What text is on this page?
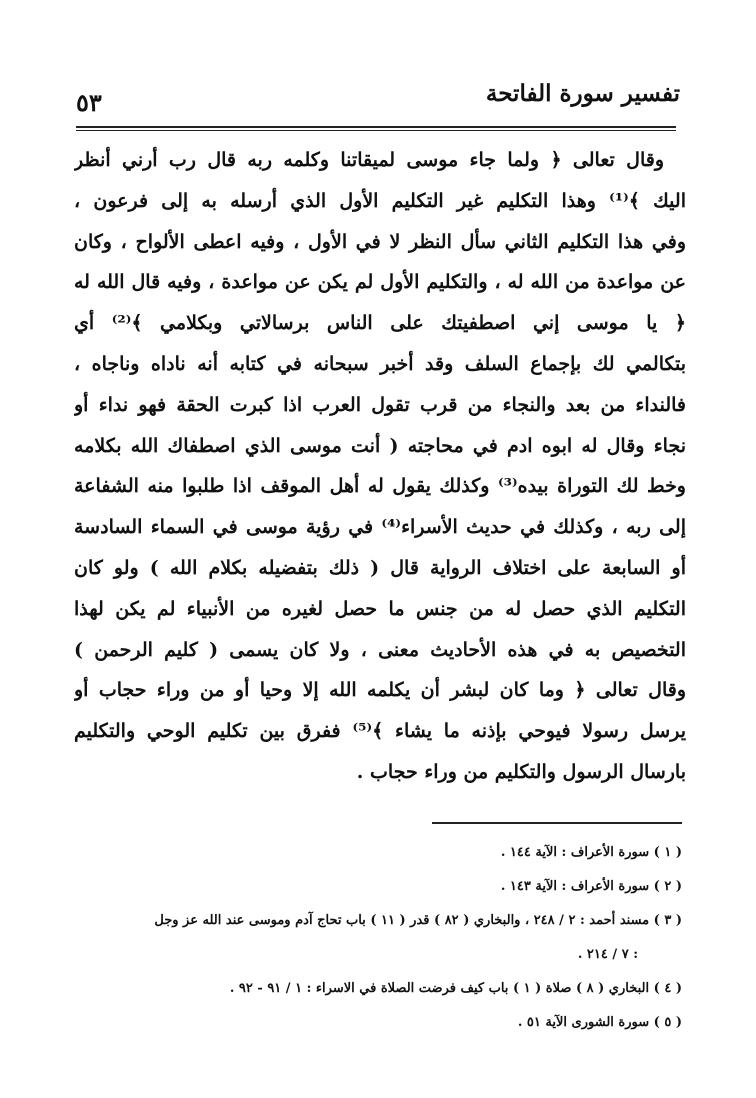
تفسير سورة الفاتحة
٥٣
وقال تعالى ﴿ ولما جاء موسى لميقاتنا وكلمه ربه قال رب أرني أنظر
اليك ﴾⁽¹⁾ وهذا التكليم غير التكليم الأول الذي أرسله به إلى فرعون ،
وفي هذا التكليم الثاني سأل النظر لا في الأول ، وفيه اعطى الألواح ، وكان
عن مواعدة من الله له ، والتكليم الأول لم يكن عن مواعدة ، وفيه قال الله له
﴿ يا موسى إني اصطفيتك على الناس برسالاتي وبكلامي ﴾⁽²⁾ أي
بتكالمي لك بإجماع السلف وقد أخبر سبحانه في كتابه أنه ناداه وناجاه ،
فالنداء من بعد والنجاء من قرب تقول العرب اذا كبرت الحقة فهو نداء أو
نجاء وقال له ابوه ادم في محاجته ( أنت موسى الذي اصطفاك الله بكلامه
وخط لك التوراة بيده⁽³⁾ وكذلك يقول له أهل الموقف اذا طلبوا منه الشفاعة
إلى ربه ، وكذلك في حديث الأسراء⁽⁴⁾ في رؤية موسى في السماء السادسة
أو السابعة على اختلاف الرواية قال ( ذلك بتفضيله بكلام الله ) ولو كان
التكليم الذي حصل له من جنس ما حصل لغيره من الأنبياء لم يكن لهذا
التخصيص به في هذه الأحاديث معنى ، ولا كان يسمى ( كليم الرحمن )
وقال تعالى ﴿ وما كان لبشر أن يكلمه الله إلا وحيا أو من وراء حجاب أو
يرسل رسولا فيوحي بإذنه ما يشاء ﴾⁽⁵⁾ ففرق بين تكليم الوحي والتكليم
بارسال الرسول والتكليم من وراء حجاب .
( ١ ) سورة الأعراف : الآية ١٤٤ .
( ٢ ) سورة الأعراف : الآية ١٤٣ .
( ٣ ) مسند أحمد : ٢ / ٢٤٨ ، والبخاري ( ٨٢ ) قدر ( ١١ ) باب تحاج آدم وموسى عند الله عز وجل
: ٧ / ٢١٤ .
( ٤ ) البخاري ( ٨ ) صلاة ( ١ ) باب كيف فرضت الصلاة في الاسراء : ١ / ٩١ - ٩٢ .
( ٥ ) سورة الشورى الآية ٥١ .
